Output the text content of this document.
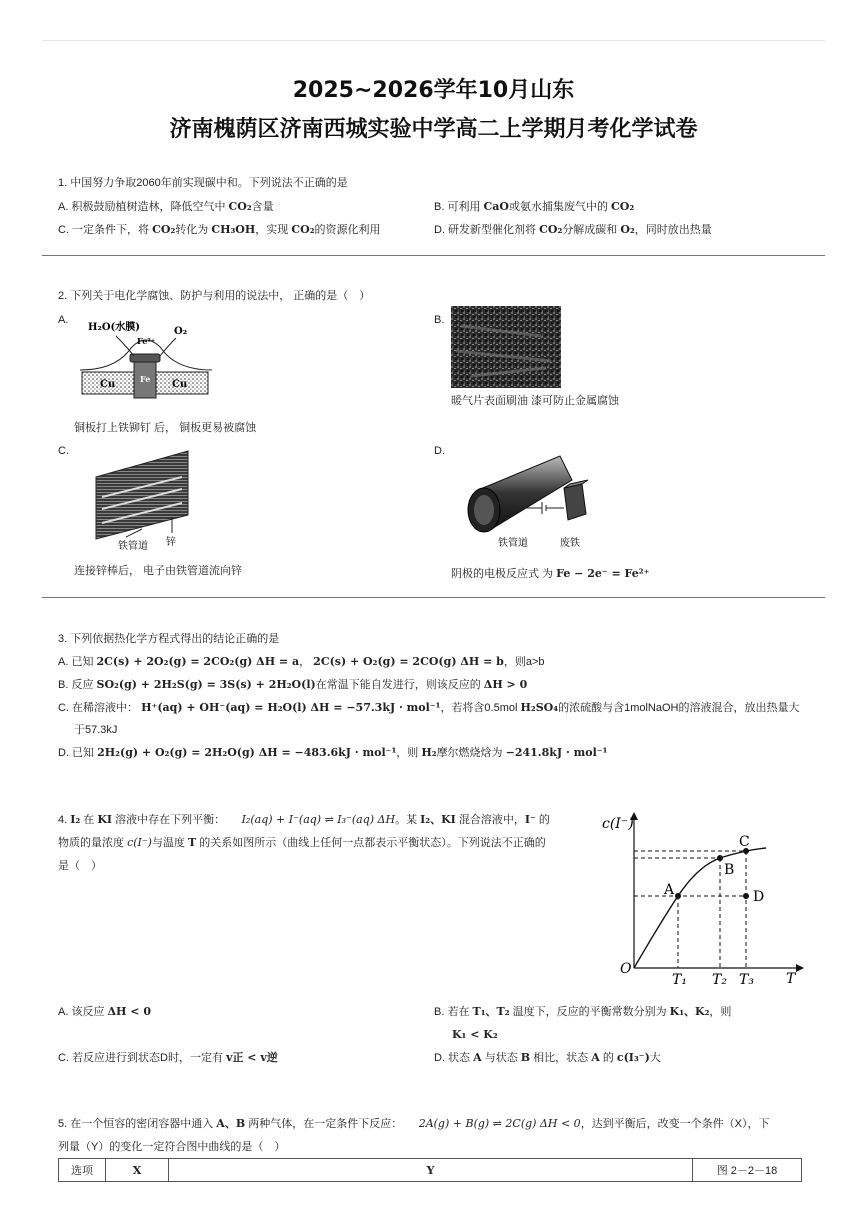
2025~2026学年10月山东
济南槐荫区济南西城实验中学高二上学期月考化学试卷
1. 中国努力争取2060年前实现碳中和。下列说法不正确的是
A. 积极鼓励植树造林，降低空气中 CO₂含量	B. 可利用 CaO或氨水捕集废气中的 CO₂
C. 一定条件下，将 CO₂转化为 CH₃OH，实现 CO₂的资源化利用	D. 研发新型催化剂将 CO₂分解成碳和 O₂，同时放出热量
2. 下列关于电化学腐蚀、防护与利用的说法中， 正确的是（　）
A.
H₂O(水膜)	O₂
Fe²⁺
Fe
Cu	Cu
铜板打上铁铆钉 后， 铜板更易被腐蚀
B.
暖气片表面刷油 漆可防止金属腐蚀
C.
铁管道 锌
连接锌棒后， 电子由铁管道流向锌
D.
铁管道	废铁
阴极的电极反应式 为 Fe − 2e⁻ = Fe²⁺
3. 下列依据热化学方程式得出的结论正确的是
A. 已知 2C(s) + 2O₂(g) = 2CO₂(g) ΔH = a， 2C(s) + O₂(g) = 2CO(g) ΔH = b，则a>b
B. 反应 SO₂(g) + 2H₂S(g) = 3S(s) + 2H₂O(l)在常温下能自发进行，则该反应的 ΔH > 0
C. 在稀溶液中： H⁺(aq) + OH⁻(aq) = H₂O(l) ΔH = −57.3kJ · mol⁻¹，若将含0.5mol H₂SO₄的浓硫酸与含1molNaOH的溶液混合，放出热量大
于57.3kJ
D. 已知 2H₂(g) + O₂(g) = 2H₂O(g) ΔH = −483.6kJ · mol⁻¹，则 H₂摩尔燃烧焓为 −241.8kJ · mol⁻¹
4. I₂ 在 KI 溶液中存在下列平衡：　　I₂(aq) + I⁻(aq) ⇌ I₃⁻(aq) ΔH。某 I₂、KI 混合溶液中，I⁻ 的
物质的量浓度 c(I⁻)与温度 T 的关系如图所示（曲线上任何一点都表示平衡状态）。下列说法不正确的
是（　）
c(I⁻)
O
T
A
B
C
D
T₁ T₂ T₃
A. 该反应 ΔH < 0	B. 若在 T₁、T₂ 温度下，反应的平衡常数分别为 K₁、K₂，则
K₁ < K₂
C. 若反应进行到状态D时，一定有 v正 < v逆	D. 状态 A 与状态 B 相比，状态 A 的 c(I₃⁻)大
5. 在一个恒容的密闭容器中通入 A、B 两种气体，在一定条件下反应：　　2A(g) + B(g) ⇌ 2C(g) ΔH < 0，达到平衡后，改变一个条件（X），下
列量（Y）的变化一定符合图中曲线的是（　）
选项	X	Y	图 2－2－18
